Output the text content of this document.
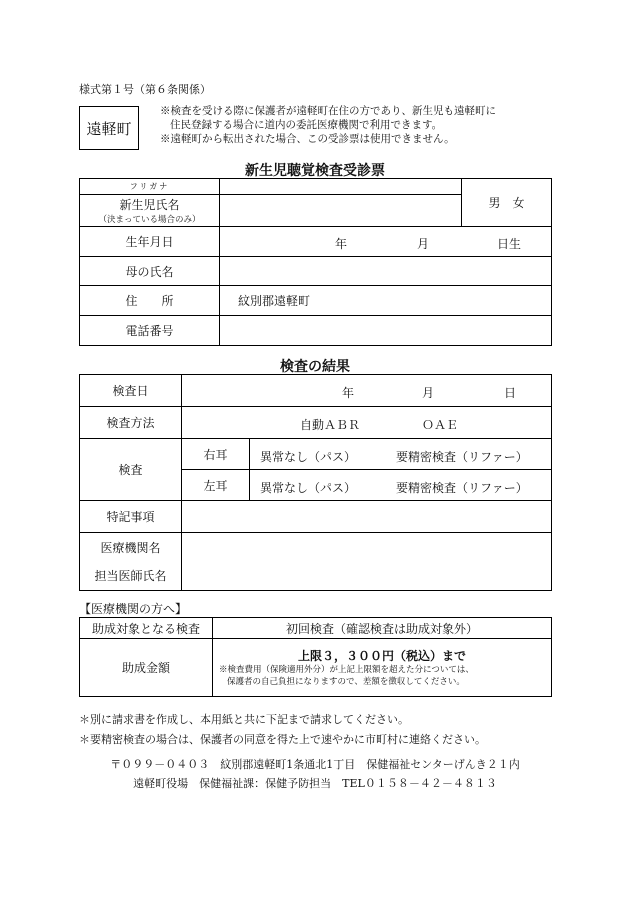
様式第１号（第６条関係）
遠軽町
※検査を受ける際に保護者が遠軽町在住の方であり、新生児も遠軽町に
住民登録する場合に道内の委託医療機関で利用できます。
※遠軽町から転出された場合、この受診票は使用できません。
新生児聴覚検査受診票
フリガナ		男　女

新生児氏名
（決まっている場合のみ）		

生年月日	年 月 日生	

母の氏名		
住　　所	紋別郡遠軽町	
電話番号		
検査の結果
検査日	年 月 日	

検査方法	自動ＡＢＲ ＯＡＥ	

検査	右耳	異常なし（パス） 要精密検査（リファー）

	左耳	異常なし（パス） 要精密検査（リファー）

特記事項		

医療機関名
担当医師氏名		

【医療機関の方へ】
助成対象となる検査	初回検査（確認検査は助成対象外）
助成金額	上限３，３００円（税込）まで
※検査費用（保険適用外分）が上記上限額を超えた分については、
保護者の自己負担になりますので、差額を徴収してください。
＊別に請求書を作成し、本用紙と共に下記まで請求してください。
＊要精密検査の場合は、保護者の同意を得た上で速やかに市町村に連絡ください。
〒０９９－０４０３　紋別郡遠軽町1条通北1丁目　保健福祉センターげんき２１内
遠軽町役場　保健福祉課：保健予防担当　TEL０１５８－４２－４８１３
